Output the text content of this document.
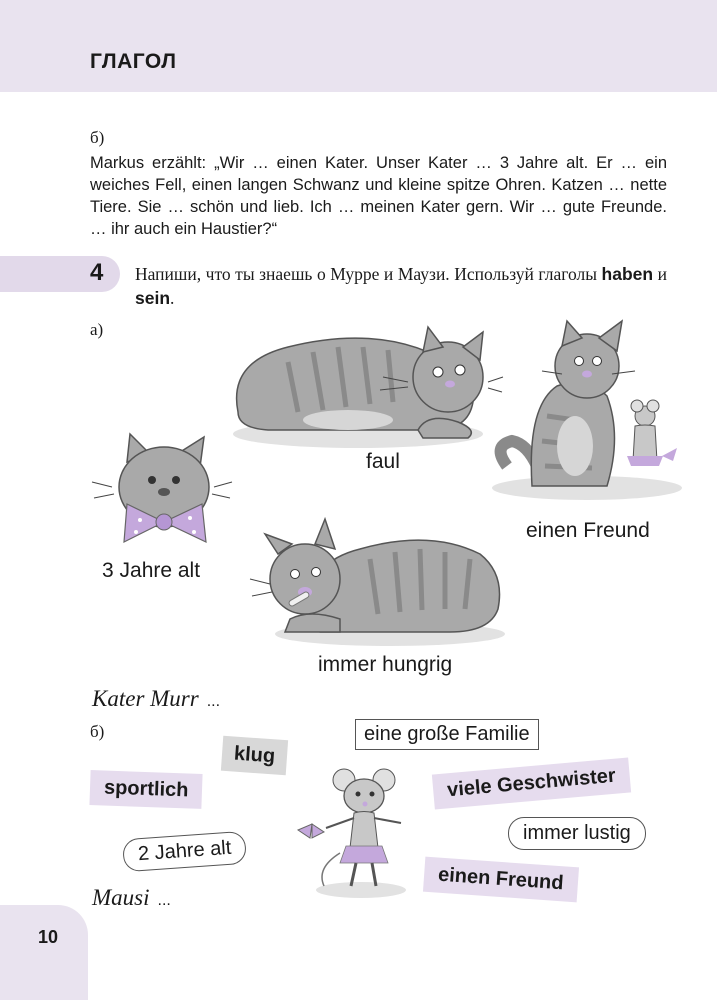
ГЛАГОЛ
б)

Markus erzählt: „Wir … einen Kater. Unser Kater … 3 Jahre alt. Er … ein weiches Fell, einen langen Schwanz und kleine spitze Ohren. Katzen … nette Tiere. Sie … schön und lieb. Ich … meinen Kater gern. Wir … gute Freunde. … ihr auch ein Haustier?“

4 Напиши, что ты знаешь о Мурре и Маузи. Используй глаголы haben и sein.

а)
faul
einen Freund
3 Jahre alt
immer hungrig
Kater Murr ...
б)	eine große Familie
klug
sportlich	viele Geschwister
2 Jahre alt
immer lustig
einen Freund
Mausi ...
10
